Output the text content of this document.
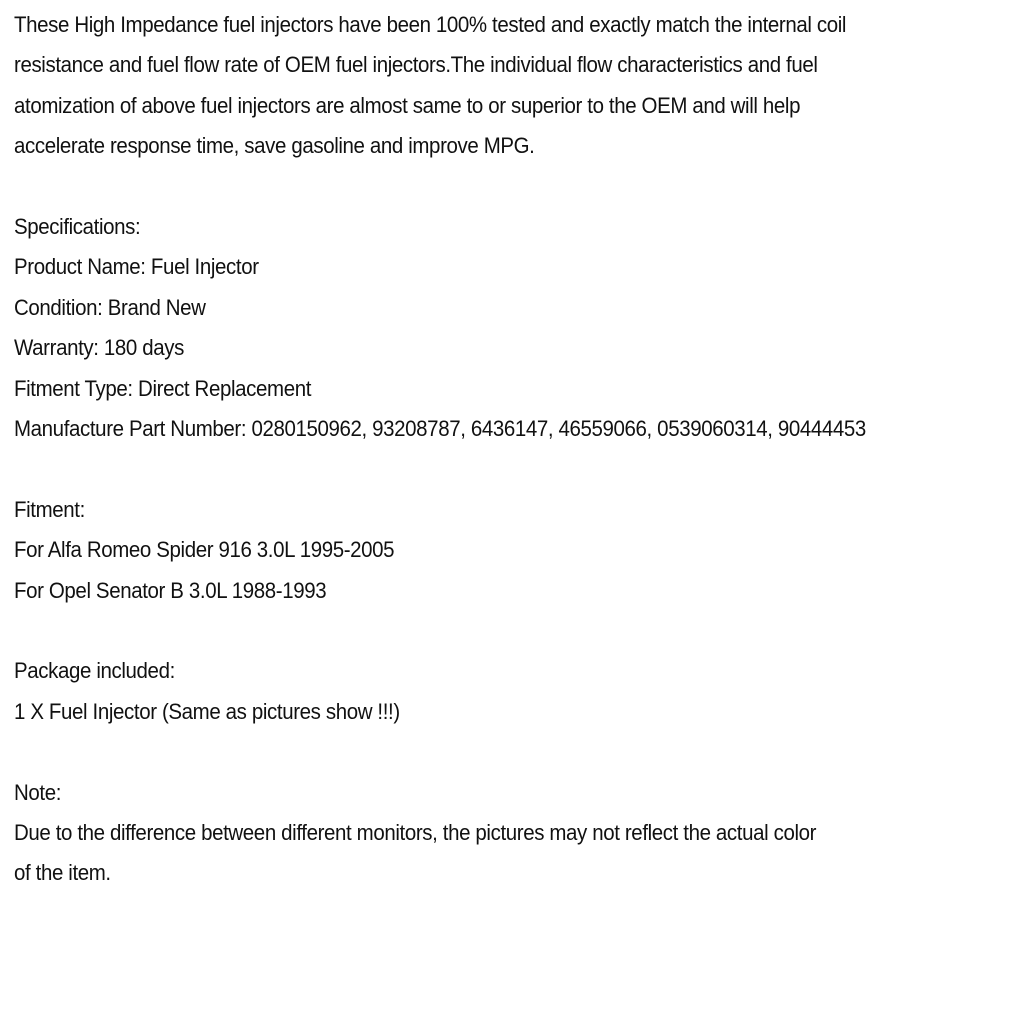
These High Impedance fuel injectors have been 100% tested and exactly match the internal coil

resistance and fuel flow rate of OEM fuel injectors.The individual flow characteristics and fuel

atomization of above fuel injectors are almost same to or superior to the OEM and will help

accelerate response time, save gasoline and improve MPG.

Specifications:

Product Name: Fuel Injector

Condition: Brand New

Warranty: 180 days

Fitment Type: Direct Replacement

Manufacture Part Number: 0280150962, 93208787, 6436147, 46559066, 0539060314, 90444453

Fitment:

For Alfa Romeo Spider 916 3.0L 1995-2005

For Opel Senator B 3.0L 1988-1993

Package included:

1 X Fuel Injector (Same as pictures show !!!)

Note:

Due to the difference between different monitors, the pictures may not reflect the actual color

of the item.
